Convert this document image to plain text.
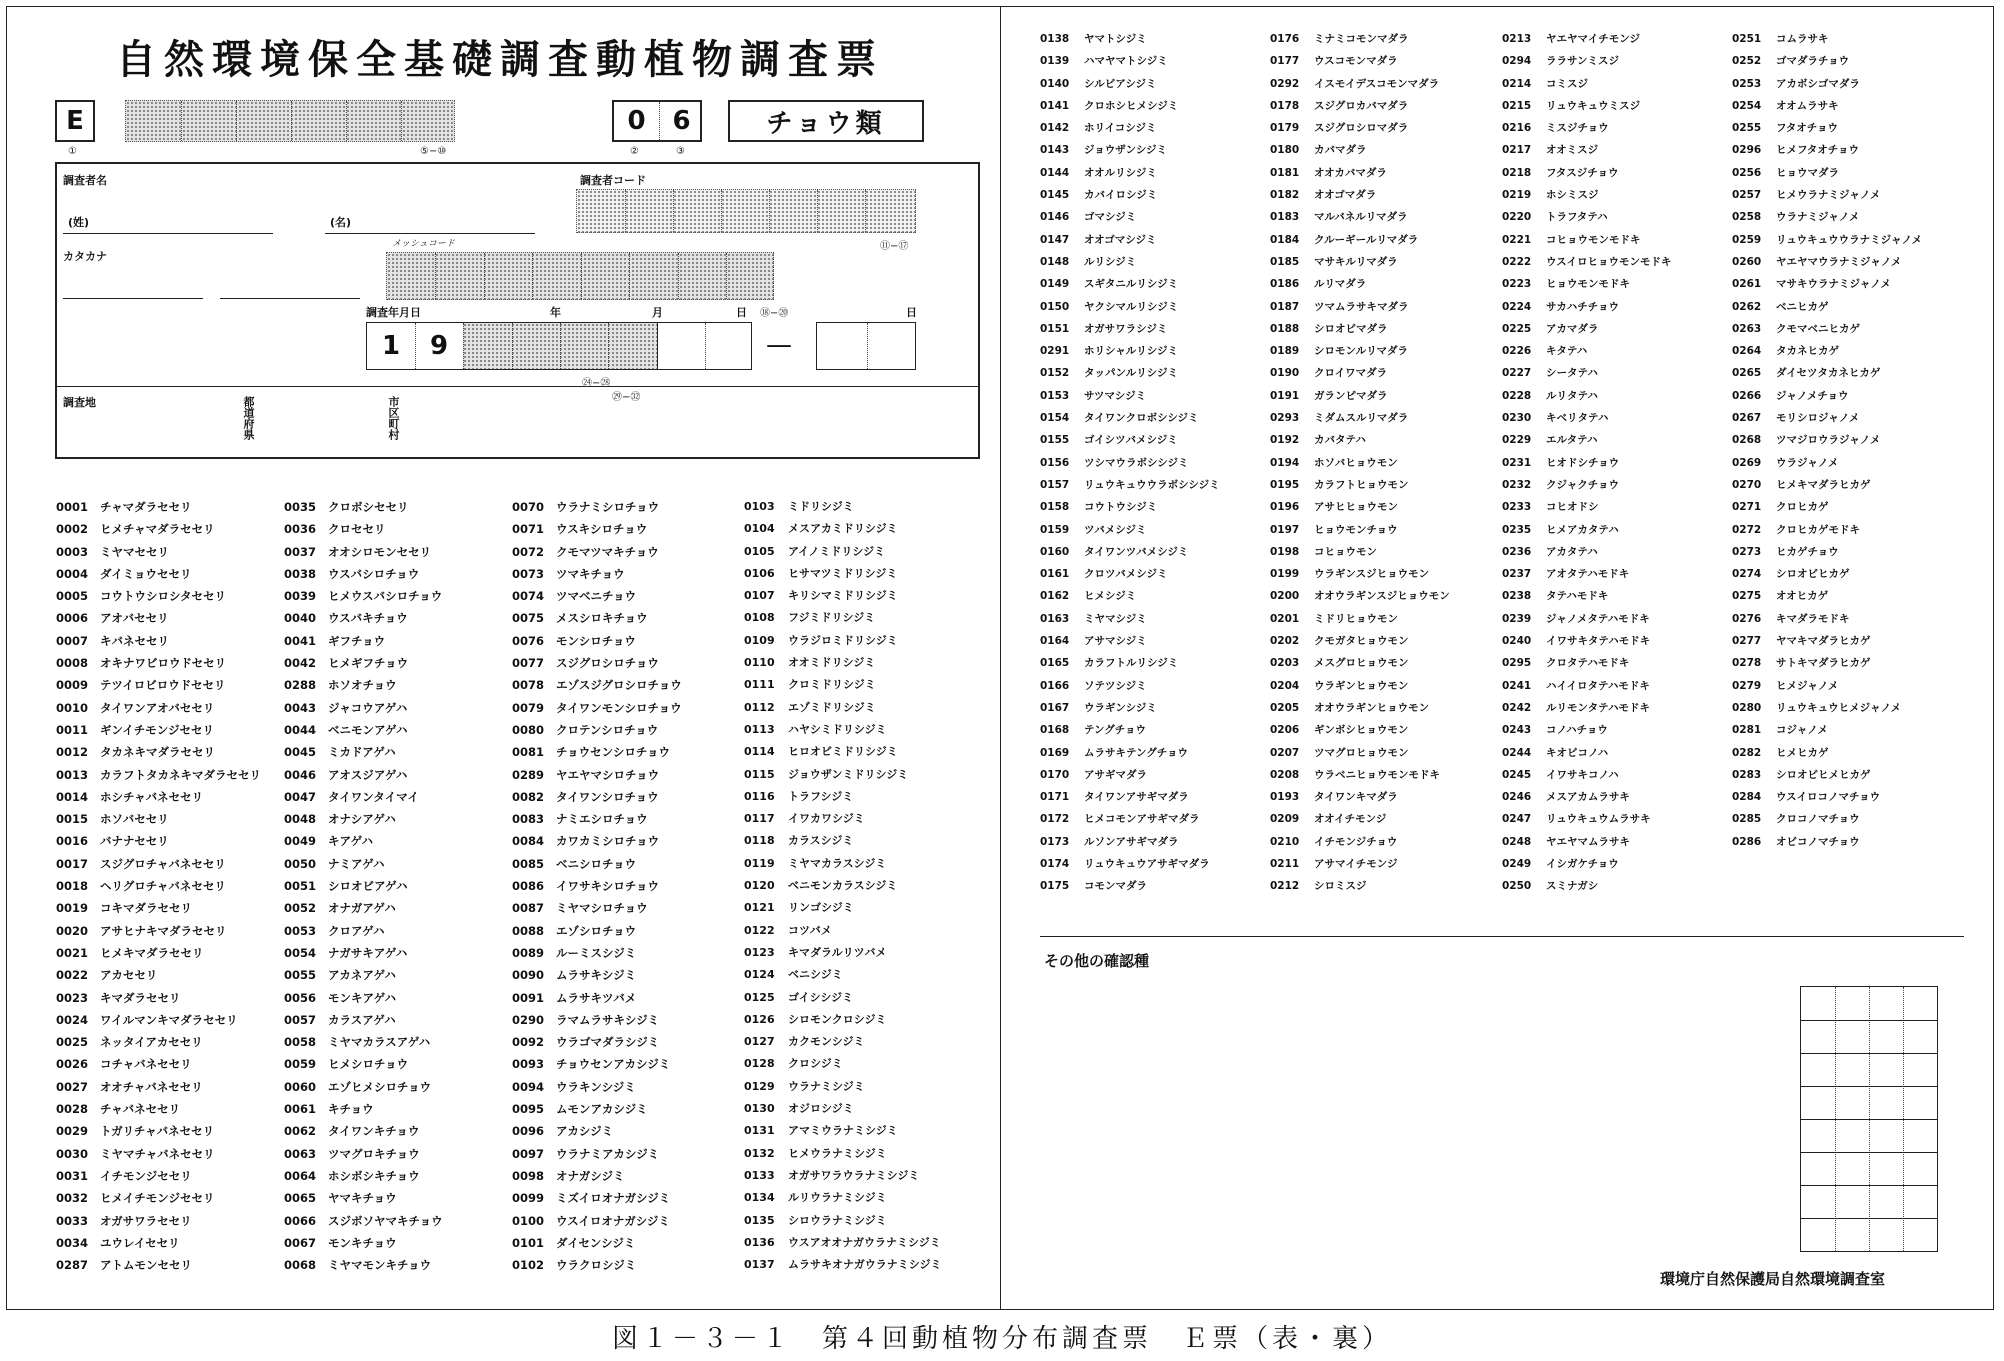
自然環境保全基礎調査動植物調査票
E
①	⑤−⑩
0	6
②	③
チョウ類
調査者名
(姓)	(名)
カタカナ
調査者コード
⑪−⑰
メッシュコード
調査年月日	年	月	日 ⑱−⑳	日
1	9	—
㉔−㉘
㉙−㉜
調査地	都道府県	市区町村
0001 チャマダラセセリ
0002 ヒメチャマダラセセリ
0003 ミヤマセセリ
0004 ダイミョウセセリ
0005 コウトウシロシタセセリ
0006 アオバセセリ
0007 キバネセセリ
0008 オキナワビロウドセセリ
0009 テツイロビロウドセセリ
0010 タイワンアオバセセリ
0011 ギンイチモンジセセリ
0012 タカネキマダラセセリ
0013 カラフトタカネキマダラセセリ
0014 ホシチャバネセセリ
0015 ホソバセセリ
0016 バナナセセリ
0017 スジグロチャバネセセリ
0018 ヘリグロチャバネセセリ
0019 コキマダラセセリ
0020 アサヒナキマダラセセリ
0021 ヒメキマダラセセリ
0022 アカセセリ
0023 キマダラセセリ
0024 ワイルマンキマダラセセリ
0025 ネッタイアカセセリ
0026 コチャバネセセリ
0027 オオチャバネセセリ
0028 チャバネセセリ
0029 トガリチャバネセセリ
0030 ミヤマチャバネセセリ
0031 イチモンジセセリ
0032 ヒメイチモンジセセリ
0033 オガサワラセセリ
0034 ユウレイセセリ
0287 アトムモンセセリ
0035 クロボシセセリ
0036 クロセセリ
0037 オオシロモンセセリ
0038 ウスバシロチョウ
0039 ヒメウスバシロチョウ
0040 ウスバキチョウ
0041 ギフチョウ
0042 ヒメギフチョウ
0288 ホソオチョウ
0043 ジャコウアゲハ
0044 ベニモンアゲハ
0045 ミカドアゲハ
0046 アオスジアゲハ
0047 タイワンタイマイ
0048 オナシアゲハ
0049 キアゲハ
0050 ナミアゲハ
0051 シロオビアゲハ
0052 オナガアゲハ
0053 クロアゲハ
0054 ナガサキアゲハ
0055 アカネアゲハ
0056 モンキアゲハ
0057 カラスアゲハ
0058 ミヤマカラスアゲハ
0059 ヒメシロチョウ
0060 エゾヒメシロチョウ
0061 キチョウ
0062 タイワンキチョウ
0063 ツマグロキチョウ
0064 ホシボシキチョウ
0065 ヤマキチョウ
0066 スジボソヤマキチョウ
0067 モンキチョウ
0068 ミヤマモンキチョウ
0070 ウラナミシロチョウ
0071 ウスキシロチョウ
0072 クモマツマキチョウ
0073 ツマキチョウ
0074 ツマベニチョウ
0075 メスシロキチョウ
0076 モンシロチョウ
0077 スジグロシロチョウ
0078 エゾスジグロシロチョウ
0079 タイワンモンシロチョウ
0080 クロテンシロチョウ
0081 チョウセンシロチョウ
0289 ヤエヤマシロチョウ
0082 タイワンシロチョウ
0083 ナミエシロチョウ
0084 カワカミシロチョウ
0085 ベニシロチョウ
0086 イワサキシロチョウ
0087 ミヤマシロチョウ
0088 エゾシロチョウ
0089 ルーミスシジミ
0090 ムラサキシジミ
0091 ムラサキツバメ
0290 ラマムラサキシジミ
0092 ウラゴマダラシジミ
0093 チョウセンアカシジミ
0094 ウラキンシジミ
0095 ムモンアカシジミ
0096 アカシジミ
0097 ウラナミアカシジミ
0098 オナガシジミ
0099 ミズイロオナガシジミ
0100 ウスイロオナガシジミ
0101 ダイセンシジミ
0102 ウラクロシジミ
0103 ミドリシジミ
0104 メスアカミドリシジミ
0105 アイノミドリシジミ
0106 ヒサマツミドリシジミ
0107 キリシマミドリシジミ
0108 フジミドリシジミ
0109 ウラジロミドリシジミ
0110 オオミドリシジミ
0111 クロミドリシジミ
0112 エゾミドリシジミ
0113 ハヤシミドリシジミ
0114 ヒロオビミドリシジミ
0115 ジョウザンミドリシジミ
0116 トラフシジミ
0117 イワカワシジミ
0118 カラスシジミ
0119 ミヤマカラスシジミ
0120 ベニモンカラスシジミ
0121 リンゴシジミ
0122 コツバメ
0123 キマダラルリツバメ
0124 ベニシジミ
0125 ゴイシシジミ
0126 シロモンクロシジミ
0127 カクモンシジミ
0128 クロシジミ
0129 ウラナミシジミ
0130 オジロシジミ
0131 アマミウラナミシジミ
0132 ヒメウラナミシジミ
0133 オガサワラウラナミシジミ
0134 ルリウラナミシジミ
0135 シロウラナミシジミ
0136 ウスアオオナガウラナミシジミ
0137 ムラサキオナガウラナミシジミ
0138 ヤマトシジミ
0139 ハマヤマトシジミ
0140 シルビアシジミ
0141 クロホシヒメシジミ
0142 ホリイコシジミ
0143 ジョウザンシジミ
0144 オオルリシジミ
0145 カバイロシジミ
0146 ゴマシジミ
0147 オオゴマシジミ
0148 ルリシジミ
0149 スギタニルリシジミ
0150 ヤクシマルリシジミ
0151 オガサワラシジミ
0291 ホリシャルリシジミ
0152 タッパンルリシジミ
0153 サツマシジミ
0154 タイワンクロボシシジミ
0155 ゴイシツバメシジミ
0156 ツシマウラボシシジミ
0157 リュウキュウウラボシシジミ
0158 コウトウシジミ
0159 ツバメシジミ
0160 タイワンツバメシジミ
0161 クロツバメシジミ
0162 ヒメシジミ
0163 ミヤマシジミ
0164 アサマシジミ
0165 カラフトルリシジミ
0166 ソテツシジミ
0167 ウラギンシジミ
0168 テングチョウ
0169 ムラサキテングチョウ
0170 アサギマダラ
0171 タイワンアサギマダラ
0172 ヒメコモンアサギマダラ
0173 ルソンアサギマダラ
0174 リュウキュウアサギマダラ
0175 コモンマダラ
0176 ミナミコモンマダラ
0177 ウスコモンマダラ
0292 イスモイデスコモンマダラ
0178 スジグロカバマダラ
0179 スジグロシロマダラ
0180 カバマダラ
0181 オオカバマダラ
0182 オオゴマダラ
0183 マルバネルリマダラ
0184 クルーギールリマダラ
0185 マサキルリマダラ
0186 ルリマダラ
0187 ツマムラサキマダラ
0188 シロオビマダラ
0189 シロモンルリマダラ
0190 クロイワマダラ
0191 ガランピマダラ
0293 ミダムスルリマダラ
0192 カバタテハ
0194 ホソバヒョウモン
0195 カラフトヒョウモン
0196 アサヒヒョウモン
0197 ヒョウモンチョウ
0198 コヒョウモン
0199 ウラギンスジヒョウモン
0200 オオウラギンスジヒョウモン
0201 ミドリヒョウモン
0202 クモガタヒョウモン
0203 メスグロヒョウモン
0204 ウラギンヒョウモン
0205 オオウラギンヒョウモン
0206 ギンボシヒョウモン
0207 ツマグロヒョウモン
0208 ウラベニヒョウモンモドキ
0193 タイワンキマダラ
0209 オオイチモンジ
0210 イチモンジチョウ
0211 アサマイチモンジ
0212 シロミスジ
0213 ヤエヤマイチモンジ
0294 ララサンミスジ
0214 コミスジ
0215 リュウキュウミスジ
0216 ミスジチョウ
0217 オオミスジ
0218 フタスジチョウ
0219 ホシミスジ
0220 トラフタテハ
0221 コヒョウモンモドキ
0222 ウスイロヒョウモンモドキ
0223 ヒョウモンモドキ
0224 サカハチチョウ
0225 アカマダラ
0226 キタテハ
0227 シータテハ
0228 ルリタテハ
0230 キベリタテハ
0229 エルタテハ
0231 ヒオドシチョウ
0232 クジャクチョウ
0233 コヒオドシ
0235 ヒメアカタテハ
0236 アカタテハ
0237 アオタテハモドキ
0238 タテハモドキ
0239 ジャノメタテハモドキ
0240 イワサキタテハモドキ
0295 クロタテハモドキ
0241 ハイイロタテハモドキ
0242 ルリモンタテハモドキ
0243 コノハチョウ
0244 キオビコノハ
0245 イワサキコノハ
0246 メスアカムラサキ
0247 リュウキュウムラサキ
0248 ヤエヤマムラサキ
0249 イシガケチョウ
0250 スミナガシ
0251 コムラサキ
0252 ゴマダラチョウ
0253 アカボシゴマダラ
0254 オオムラサキ
0255 フタオチョウ
0296 ヒメフタオチョウ
0256 ヒョウマダラ
0257 ヒメウラナミジャノメ
0258 ウラナミジャノメ
0259 リュウキュウウラナミジャノメ
0260 ヤエヤマウラナミジャノメ
0261 マサキウラナミジャノメ
0262 ベニヒカゲ
0263 クモマベニヒカゲ
0264 タカネヒカゲ
0265 ダイセツタカネヒカゲ
0266 ジャノメチョウ
0267 モリシロジャノメ
0268 ツマジロウラジャノメ
0269 ウラジャノメ
0270 ヒメキマダラヒカゲ
0271 クロヒカゲ
0272 クロヒカゲモドキ
0273 ヒカゲチョウ
0274 シロオビヒカゲ
0275 オオヒカゲ
0276 キマダラモドキ
0277 ヤマキマダラヒカゲ
0278 サトキマダラヒカゲ
0279 ヒメジャノメ
0280 リュウキュウヒメジャノメ
0281 コジャノメ
0282 ヒメヒカゲ
0283 シロオビヒメヒカゲ
0284 ウスイロコノマチョウ
0285 クロコノマチョウ
0286 オビコノマチョウ
その他の確認種
環境庁自然保護局自然環境調査室
図１－３－１　第４回動植物分布調査票　Ｅ票（表・裏）
